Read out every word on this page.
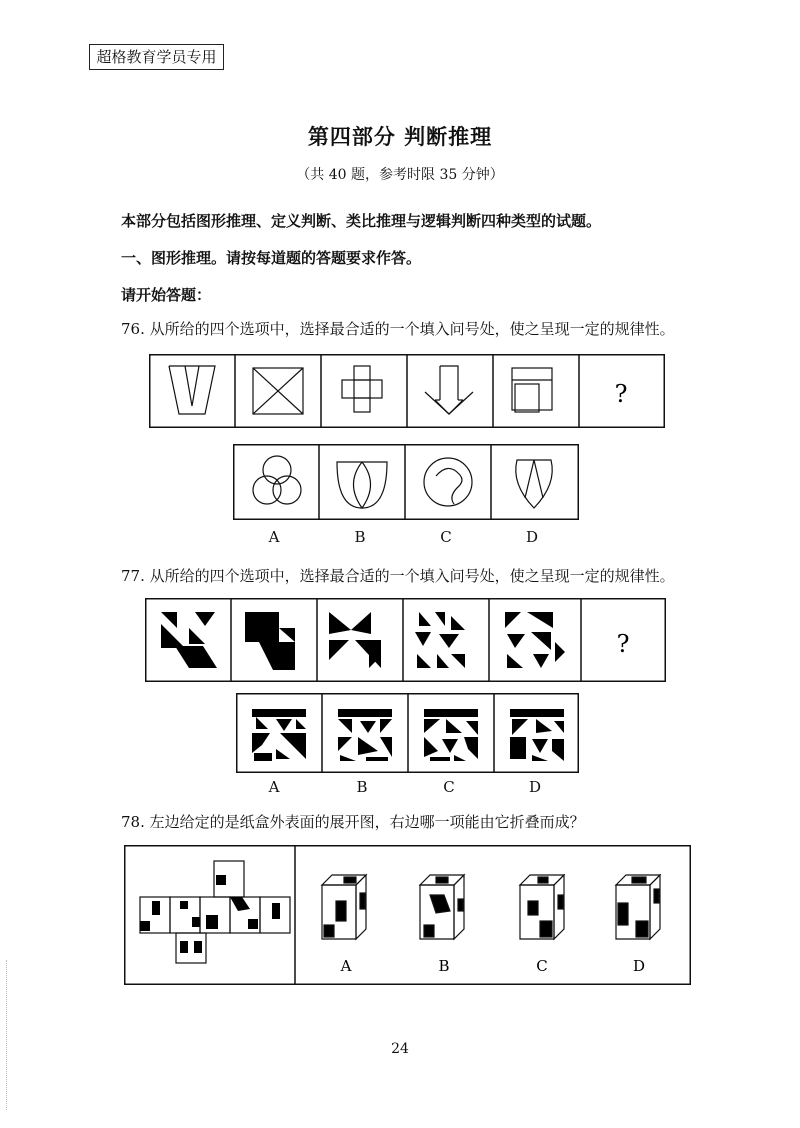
超格教育学员专用
第四部分 判断推理
（共 40 题，参考时限 35 分钟）
本部分包括图形推理、定义判断、类比推理与逻辑判断四种类型的试题。
一、图形推理。请按每道题的答题要求作答。
请开始答题：
76. 从所给的四个选项中，选择最合适的一个填入问号处，使之呈现一定的规律性。
?
A	B	C	D
77. 从所给的四个选项中，选择最合适的一个填入问号处，使之呈现一定的规律性。
?
A	B	C	D
78. 左边给定的是纸盒外表面的展开图，右边哪一项能由它折叠而成？
A	B	C	D
24
